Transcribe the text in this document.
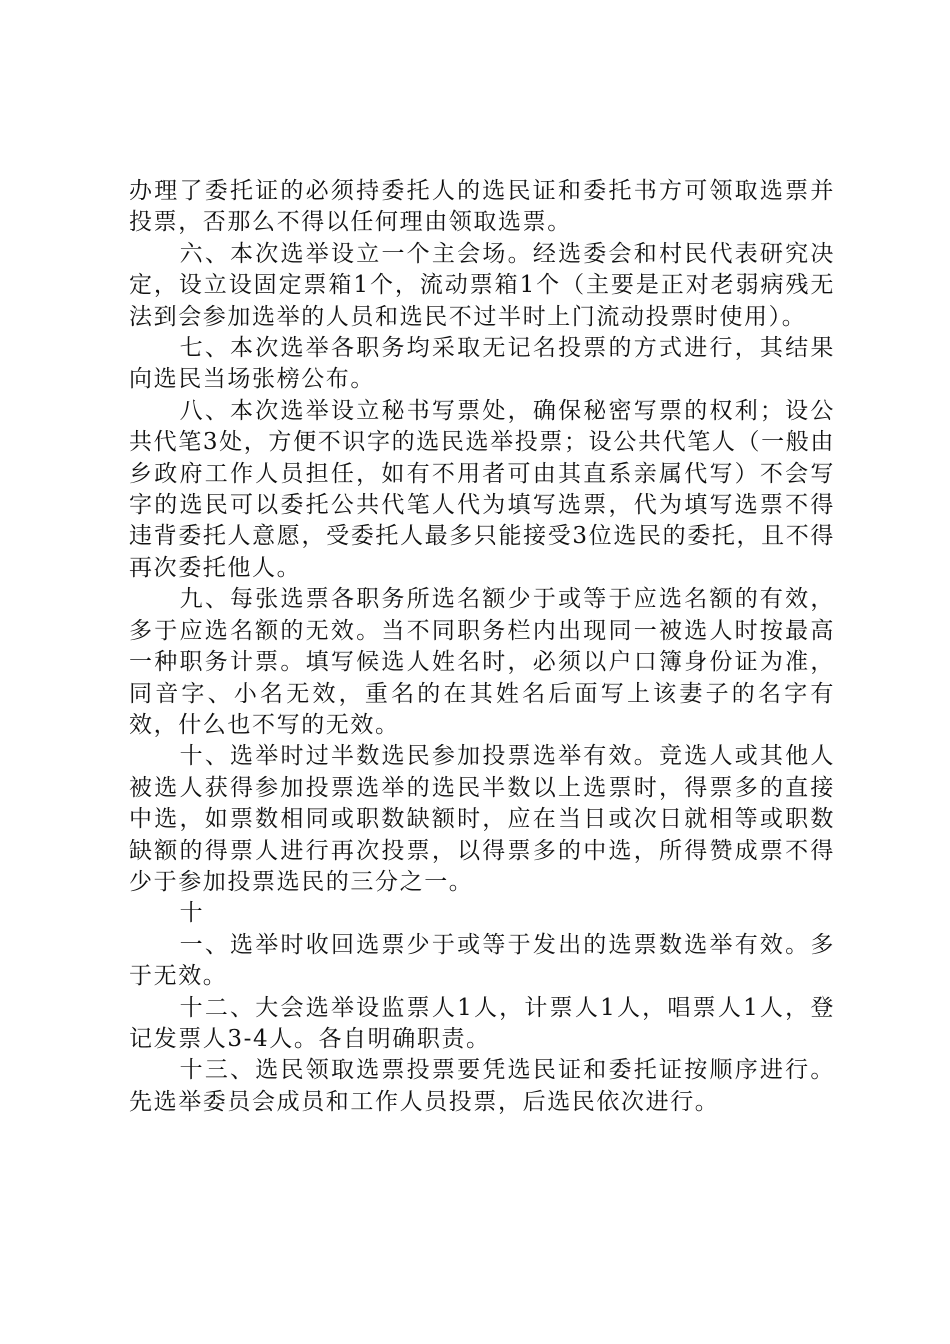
办理了委托证的必须持委托人的选民证和委托书方可领取选票并投票，否那么不得以任何理由领取选票。

六、本次选举设立一个主会场。经选委会和村民代表研究决定，设立设固定票箱1个，流动票箱1个（主要是正对老弱病残无法到会参加选举的人员和选民不过半时上门流动投票时使用）。

七、本次选举各职务均采取无记名投票的方式进行，其结果向选民当场张榜公布。

八、本次选举设立秘书写票处，确保秘密写票的权利；设公共代笔3处，方便不识字的选民选举投票；设公共代笔人（一般由乡政府工作人员担任，如有不用者可由其直系亲属代写）不会写字的选民可以委托公共代笔人代为填写选票，代为填写选票不得违背委托人意愿，受委托人最多只能接受3位选民的委托，且不得再次委托他人。

九、每张选票各职务所选名额少于或等于应选名额的有效，多于应选名额的无效。当不同职务栏内出现同一被选人时按最高一种职务计票。填写候选人姓名时，必须以户口簿身份证为准，同音字、小名无效，重名的在其姓名后面写上该妻子的名字有效，什么也不写的无效。

十、选举时过半数选民参加投票选举有效。竞选人或其他人被选人获得参加投票选举的选民半数以上选票时，得票多的直接中选，如票数相同或职数缺额时，应在当日或次日就相等或职数缺额的得票人进行再次投票，以得票多的中选，所得赞成票不得少于参加投票选民的三分之一。

十

一、选举时收回选票少于或等于发出的选票数选举有效。多于无效。

十二、大会选举设监票人1人，计票人1人，唱票人1人，登记发票人3-4人。各自明确职责。

十三、选民领取选票投票要凭选民证和委托证按顺序进行。先选举委员会成员和工作人员投票，后选民依次进行。
